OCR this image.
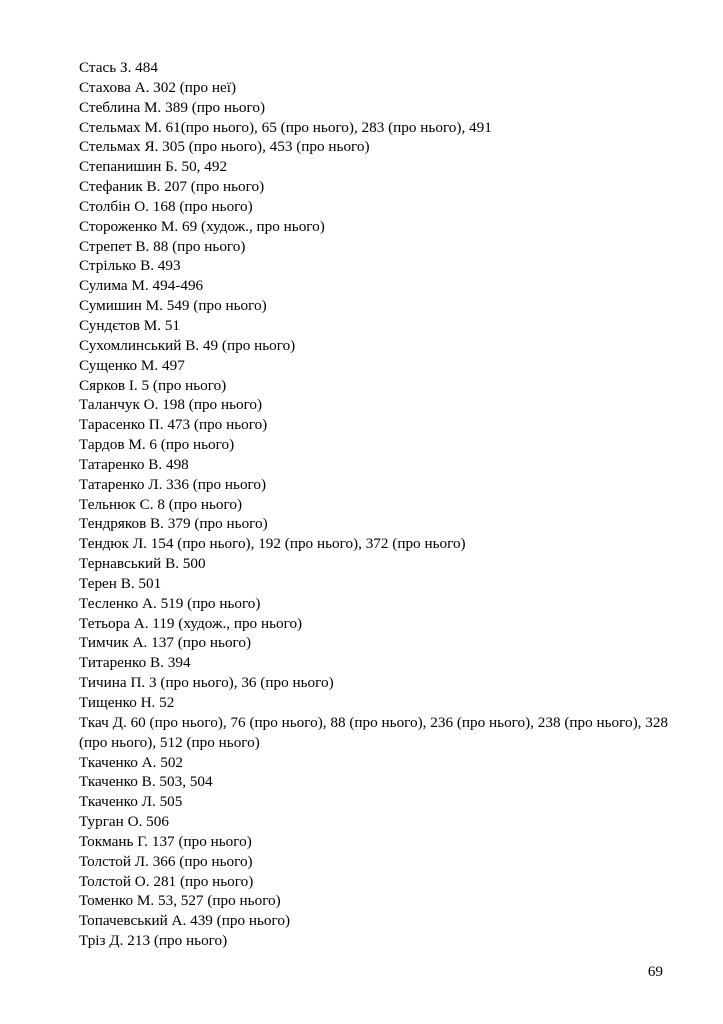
Стась З. 484
Стахова А. 302 (про неї)
Стеблина М. 389 (про нього)
Стельмах М. 61(про нього), 65 (про нього), 283 (про нього), 491
Стельмах Я. 305 (про нього), 453 (про нього)
Степанишин Б. 50, 492
Стефаник В. 207 (про нього)
Столбін О. 168 (про нього)
Стороженко М. 69 (худож., про нього)
Стрепет В. 88 (про нього)
Стрілько В. 493
Сулима М. 494-496
Сумишин М. 549 (про нього)
Сундєтов М. 51
Сухомлинський В. 49 (про нього)
Сущенко М. 497
Сярков І. 5 (про нього)
Таланчук О. 198 (про нього)
Тарасенко П. 473 (про нього)
Тардов М. 6 (про нього)
Татаренко В. 498
Татаренко Л. 336 (про нього)
Тельнюк С. 8 (про нього)
Тендряков В. 379 (про нього)
Тендюк Л. 154 (про нього), 192 (про нього), 372 (про нього)
Тернавський В. 500
Терен В. 501
Тесленко А. 519 (про нього)
Тетьора А. 119 (худож., про нього)
Тимчик А. 137 (про нього)
Титаренко В. 394
Тичина П. 3 (про нього), 36 (про нього)
Тищенко Н. 52
Ткач Д. 60 (про нього), 76 (про нього), 88 (про нього), 236 (про нього), 238 (про нього), 328 (про нього), 512 (про нього)
Ткаченко А. 502
Ткаченко В. 503, 504
Ткаченко Л. 505
Турган О. 506
Токмань Г. 137 (про нього)
Толстой Л. 366 (про нього)
Толстой О. 281 (про нього)
Томенко М. 53, 527 (про нього)
Топачевський А. 439 (про нього)
Тріз Д. 213 (про нього)
69
